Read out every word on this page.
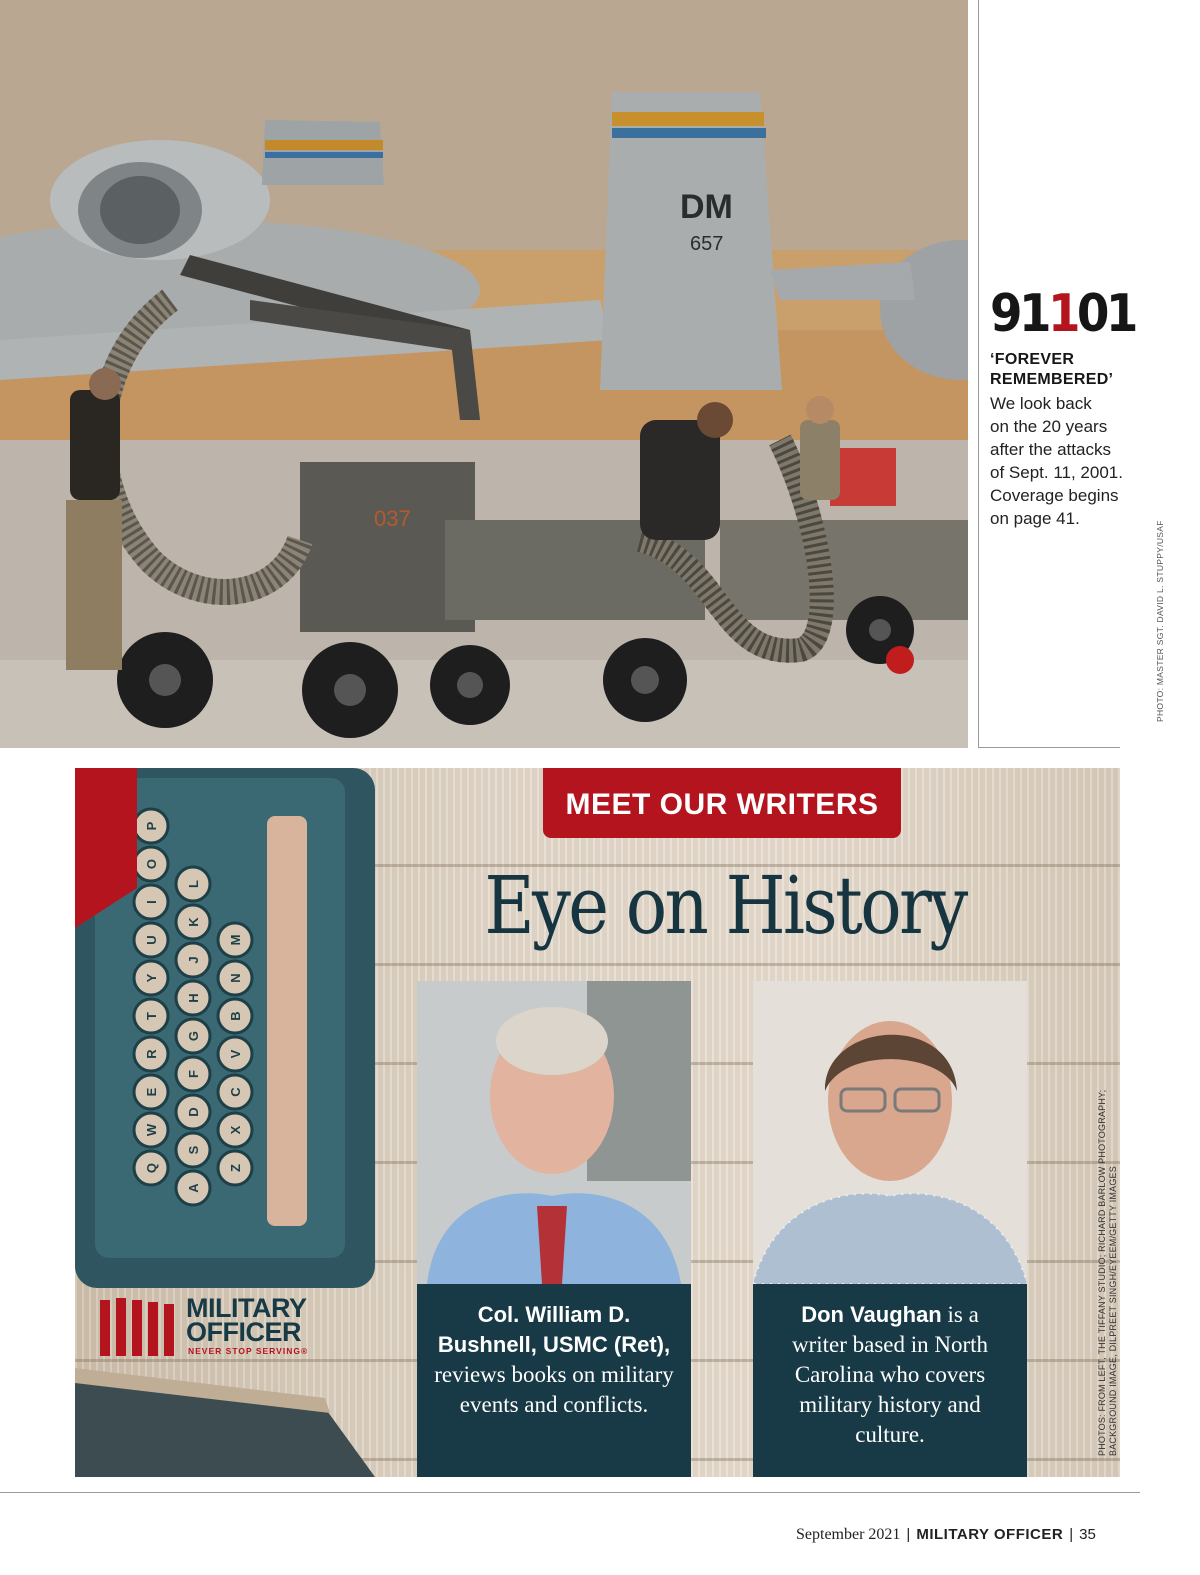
DM
657
037
91101
‘FOREVER
REMEMBERED’
We look back
on the 20 years
after the attacks
of Sept. 11, 2001.
Coverage begins
on page 41.
PHOTO: MASTER SGT. DAVID L. STUPPY/USAF
Q
W
E
R
T
Y
U
I
O
P
A
S
D
F
G
H
J
K
L
Z
X
C
V
B
N
M
MEET OUR WRITERS
Eye on History
Col. William D.
Bushnell, USMC (Ret),
reviews books on military events and conflicts.
Don Vaughan is a
writer based in North Carolina who covers military history and culture.
MILITARY
OFFICER
NEVER STOP SERVING®	PHOTOS: FROM LEFT, THE TIFFANY STUDIO; RICHARD BARLOW PHOTOGRAPHY; BACKGROUND IMAGE, DILPREET SINGH/EYEEM/GETTY IMAGES
September 2021 | MILITARY OFFICER | 35
